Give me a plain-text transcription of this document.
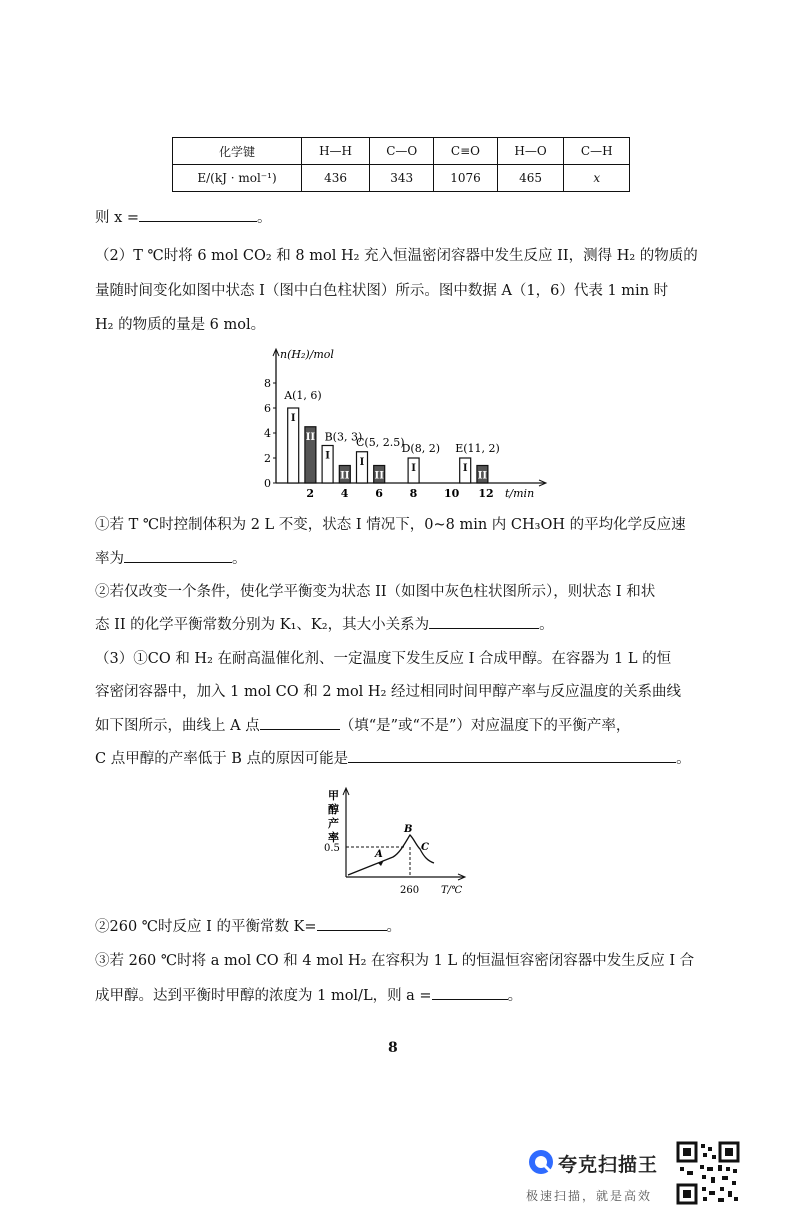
化学键	H—H	C—O	C≡O	H—O	C—H
E/(kJ · mol⁻¹)	436	343	1076	465	x
则 x =	。
（2）T ℃时将 6 mol CO₂ 和 8 mol H₂ 充入恒温密闭容器中发生反应 II，测得 H₂ 的物质的
量随时间变化如图中状态 I（图中白色柱状图）所示。图中数据 A（1，6）代表 1 min 时
H₂ 的物质的量是 6 mol。
n(H₂)/mol
t/min
0
2
4
6
8
2 4 6 8 10 12
I
I
I
I	I
II
II	II	II
A(1, 6)
B(3, 3)
C(5, 2.5)
D(8, 2) E(11, 2)
①若 T ℃时控制体积为 2 L 不变，状态 I 情况下，0~8 min 内 CH₃OH 的平均化学反应速
率为	。
②若仅改变一个条件，使化学平衡变为状态 II（如图中灰色柱状图所示），则状态 I 和状
态 II 的化学平衡常数分别为 K₁、K₂，其大小关系为	。
（3）①CO 和 H₂ 在耐高温催化剂、一定温度下发生反应 I 合成甲醇。在容器为 1 L 的恒
容密闭容器中，加入 1 mol CO 和 2 mol H₂ 经过相同时间甲醇产率与反应温度的关系曲线
如下图所示，曲线上 A 点	（填“是”或“不是”）对应温度下的平衡产率，
C 点甲醇的产率低于 B 点的原因可能是	。
甲
醇
产
率
0.5
260 T/℃
A
B
C
②260 ℃时反应 I 的平衡常数 K=	。
③若 260 ℃时将 a mol CO 和 4 mol H₂ 在容积为 1 L 的恒温恒容密闭容器中发生反应 I 合
成甲醇。达到平衡时甲醇的浓度为 1 mol/L，则 a =	。
8
夸克扫描王
极速扫描，就是高效
